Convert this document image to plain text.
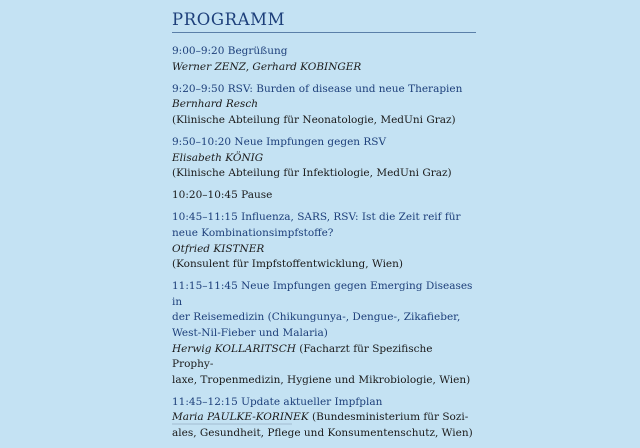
PROGRAMM
9:00–9:20 Begrüßung
Werner ZENZ, Gerhard KOBINGER
9:20–9:50 RSV: Burden of disease und neue Therapien
Bernhard Resch
(Klinische Abteilung für Neonatologie, MedUni Graz)
9:50–10:20 Neue Impfungen gegen RSV
Elisabeth KÖNIG
(Klinische Abteilung für Infektiologie, MedUni Graz)
10:20–10:45 Pause
10:45–11:15 Influenza, SARS, RSV: Ist die Zeit reif für
neue Kombinationsimpfstoffe?
Otfried KISTNER
(Konsulent für Impfstoffentwicklung, Wien)
11:15–11:45 Neue Impfungen gegen Emerging Diseases in
der Reisemedizin (Chikungunya-, Dengue-, Zikafieber,
West-Nil-Fieber und Malaria)
Herwig KOLLARITSCH (Facharzt für Spezifische Prophy-
laxe, Tropenmedizin, Hygiene und Mikrobiologie, Wien)
11:45–12:15 Update aktueller Impfplan
Maria PAULKE-KORINEK (Bundesministerium für Sozi-
ales, Gesundheit, Pflege und Konsumentenschutz, Wien)
